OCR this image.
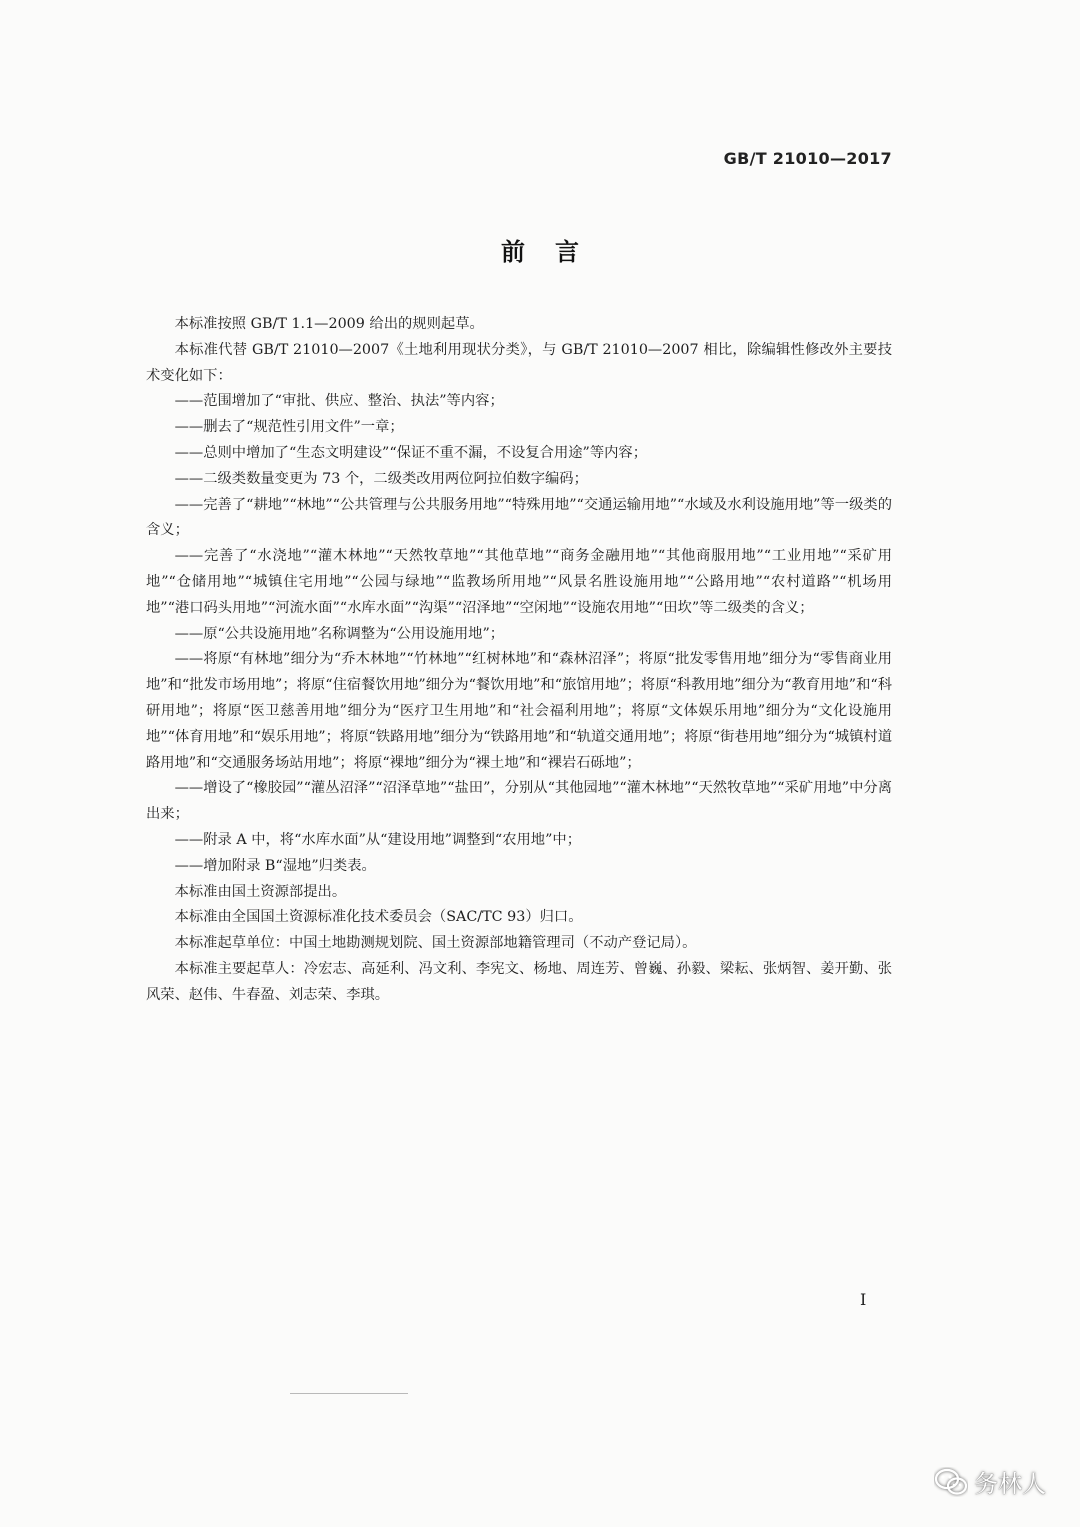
GB/T 21010—2017
前言

本标准按照 GB/T 1.1—2009 给出的规则起草。

本标准代替 GB/T 21010—2007《土地利用现状分类》，与 GB/T 21010—2007 相比，除编辑性修改外主要技术变化如下：

——范围增加了“审批、供应、整治、执法”等内容；

——删去了“规范性引用文件”一章；

——总则中增加了“生态文明建设”“保证不重不漏，不设复合用途”等内容；

——二级类数量变更为 73 个，二级类改用两位阿拉伯数字编码；

——完善了“耕地”“林地”“公共管理与公共服务用地”“特殊用地”“交通运输用地”“水域及水利设施用地”等一级类的含义；

——完善了“水浇地”“灌木林地”“天然牧草地”“其他草地”“商务金融用地”“其他商服用地”“工业用地”“采矿用地”“仓储用地”“城镇住宅用地”“公园与绿地”“监教场所用地”“风景名胜设施用地”“公路用地”“农村道路”“机场用地”“港口码头用地”“河流水面”“水库水面”“沟渠”“沼泽地”“空闲地”“设施农用地”“田坎”等二级类的含义；

——原“公共设施用地”名称调整为“公用设施用地”；

——将原“有林地”细分为“乔木林地”“竹林地”“红树林地”和“森林沼泽”；将原“批发零售用地”细分为“零售商业用地”和“批发市场用地”；将原“住宿餐饮用地”细分为“餐饮用地”和“旅馆用地”；将原“科教用地”细分为“教育用地”和“科研用地”；将原“医卫慈善用地”细分为“医疗卫生用地”和“社会福利用地”；将原“文体娱乐用地”细分为“文化设施用地”“体育用地”和“娱乐用地”；将原“铁路用地”细分为“铁路用地”和“轨道交通用地”；将原“街巷用地”细分为“城镇村道路用地”和“交通服务场站用地”；将原“裸地”细分为“裸土地”和“裸岩石砾地”；

——增设了“橡胶园”“灌丛沼泽”“沼泽草地”“盐田”，分别从“其他园地”“灌木林地”“天然牧草地”“采矿用地”中分离出来；

——附录 A 中，将“水库水面”从“建设用地”调整到“农用地”中；

——增加附录 B“湿地”归类表。

本标准由国土资源部提出。

本标准由全国国土资源标准化技术委员会（SAC/TC 93）归口。

本标准起草单位：中国土地勘测规划院、国土资源部地籍管理司（不动产登记局）。

本标准主要起草人：冷宏志、高延利、冯文利、李宪文、杨地、周连芳、曾巍、孙毅、梁耘、张炳智、姜开勤、张风荣、赵伟、牛春盈、刘志荣、李琪。

I
务林人
